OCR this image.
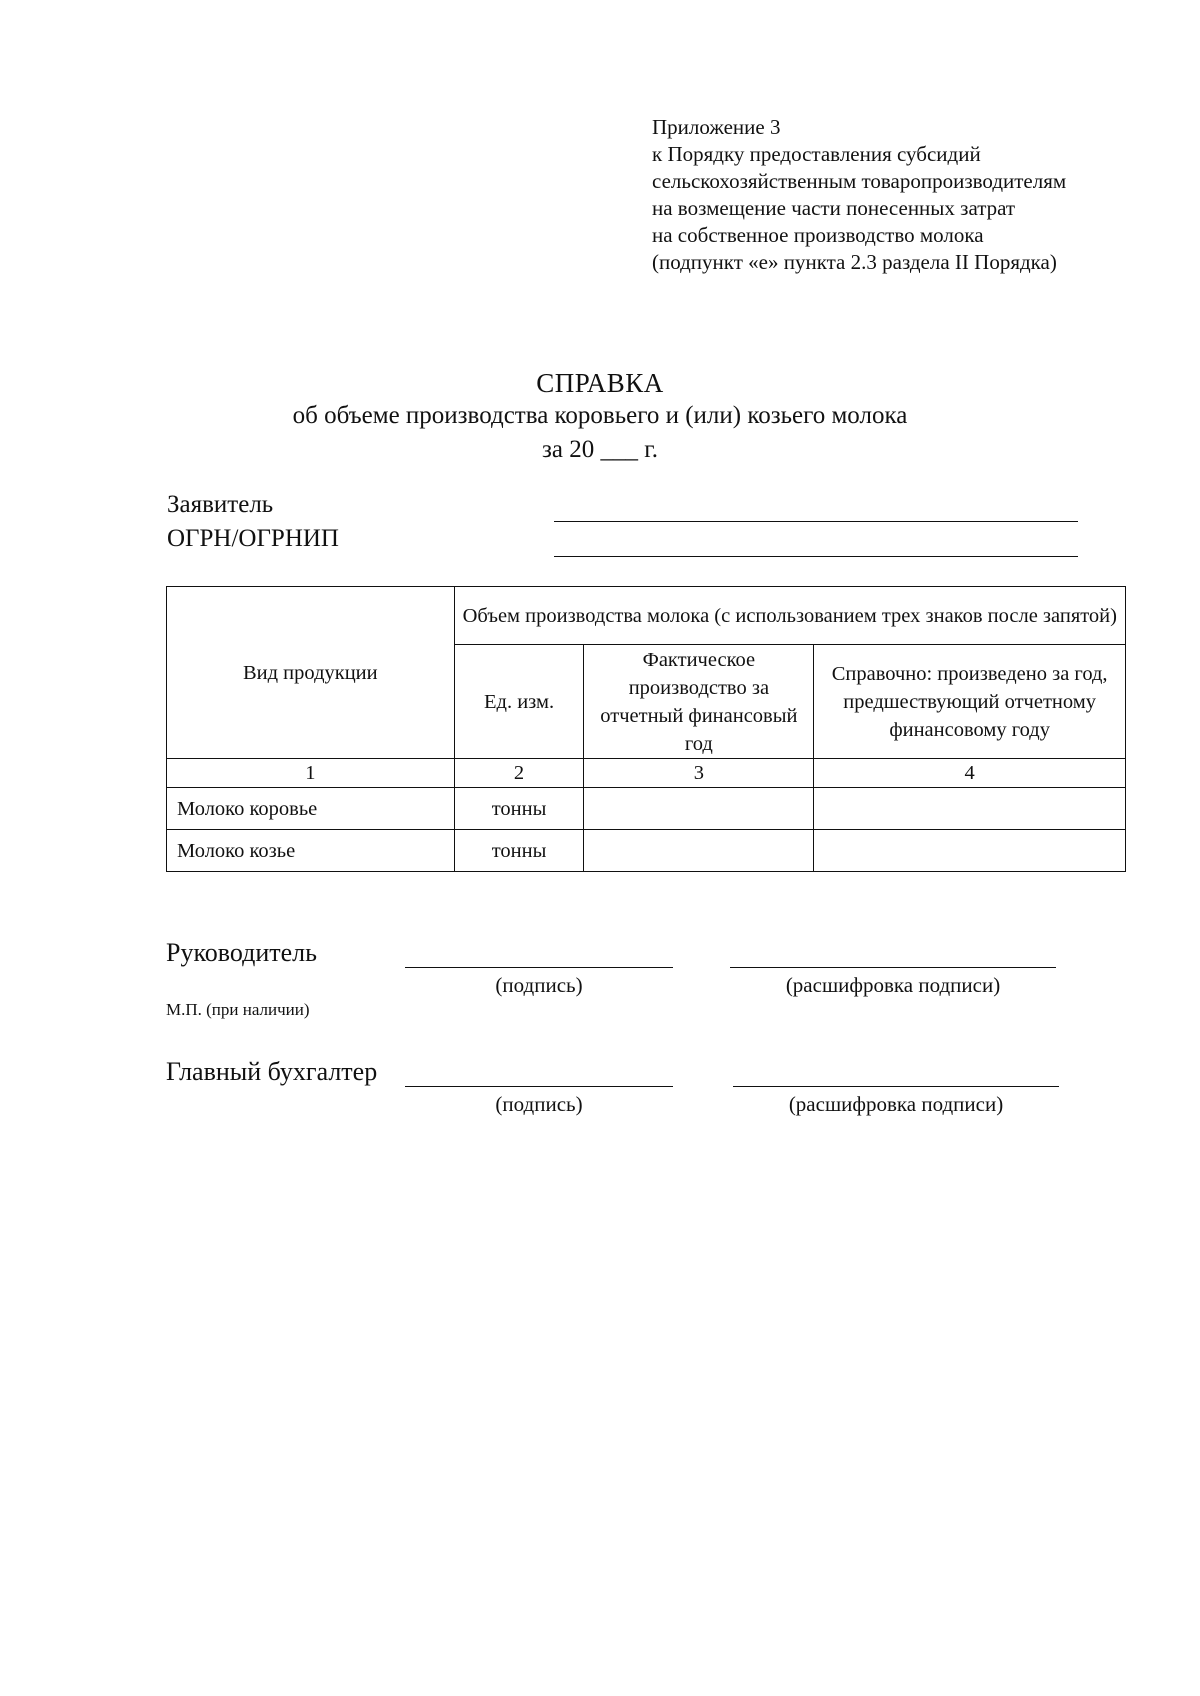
Приложение 3
к Порядку предоставления субсидий
сельскохозяйственным товаропроизводителям
на возмещение части понесенных затрат
на собственное производство молока
(подпункт «е» пункта 2.3 раздела II Порядка)
СПРАВКА
об объеме производства коровьего и (или) козьего молока
за 20 ___ г.
Заявитель
ОГРН/ОГРНИП
Вид продукции	Объем производства молока (с использованием трех знаков после запятой)		
	Ед. изм.	Фактическое производство за отчетный финансовый год	Справочно: произведено за год, предшествующий отчетному финансовому году
1	2	3	4
Молоко коровье	тонны		
Молоко козье	тонны		
Руководитель
(подпись)	(расшифровка подписи)
М.П. (при наличии)
Главный бухгалтер
(подпись)	(расшифровка подписи)
